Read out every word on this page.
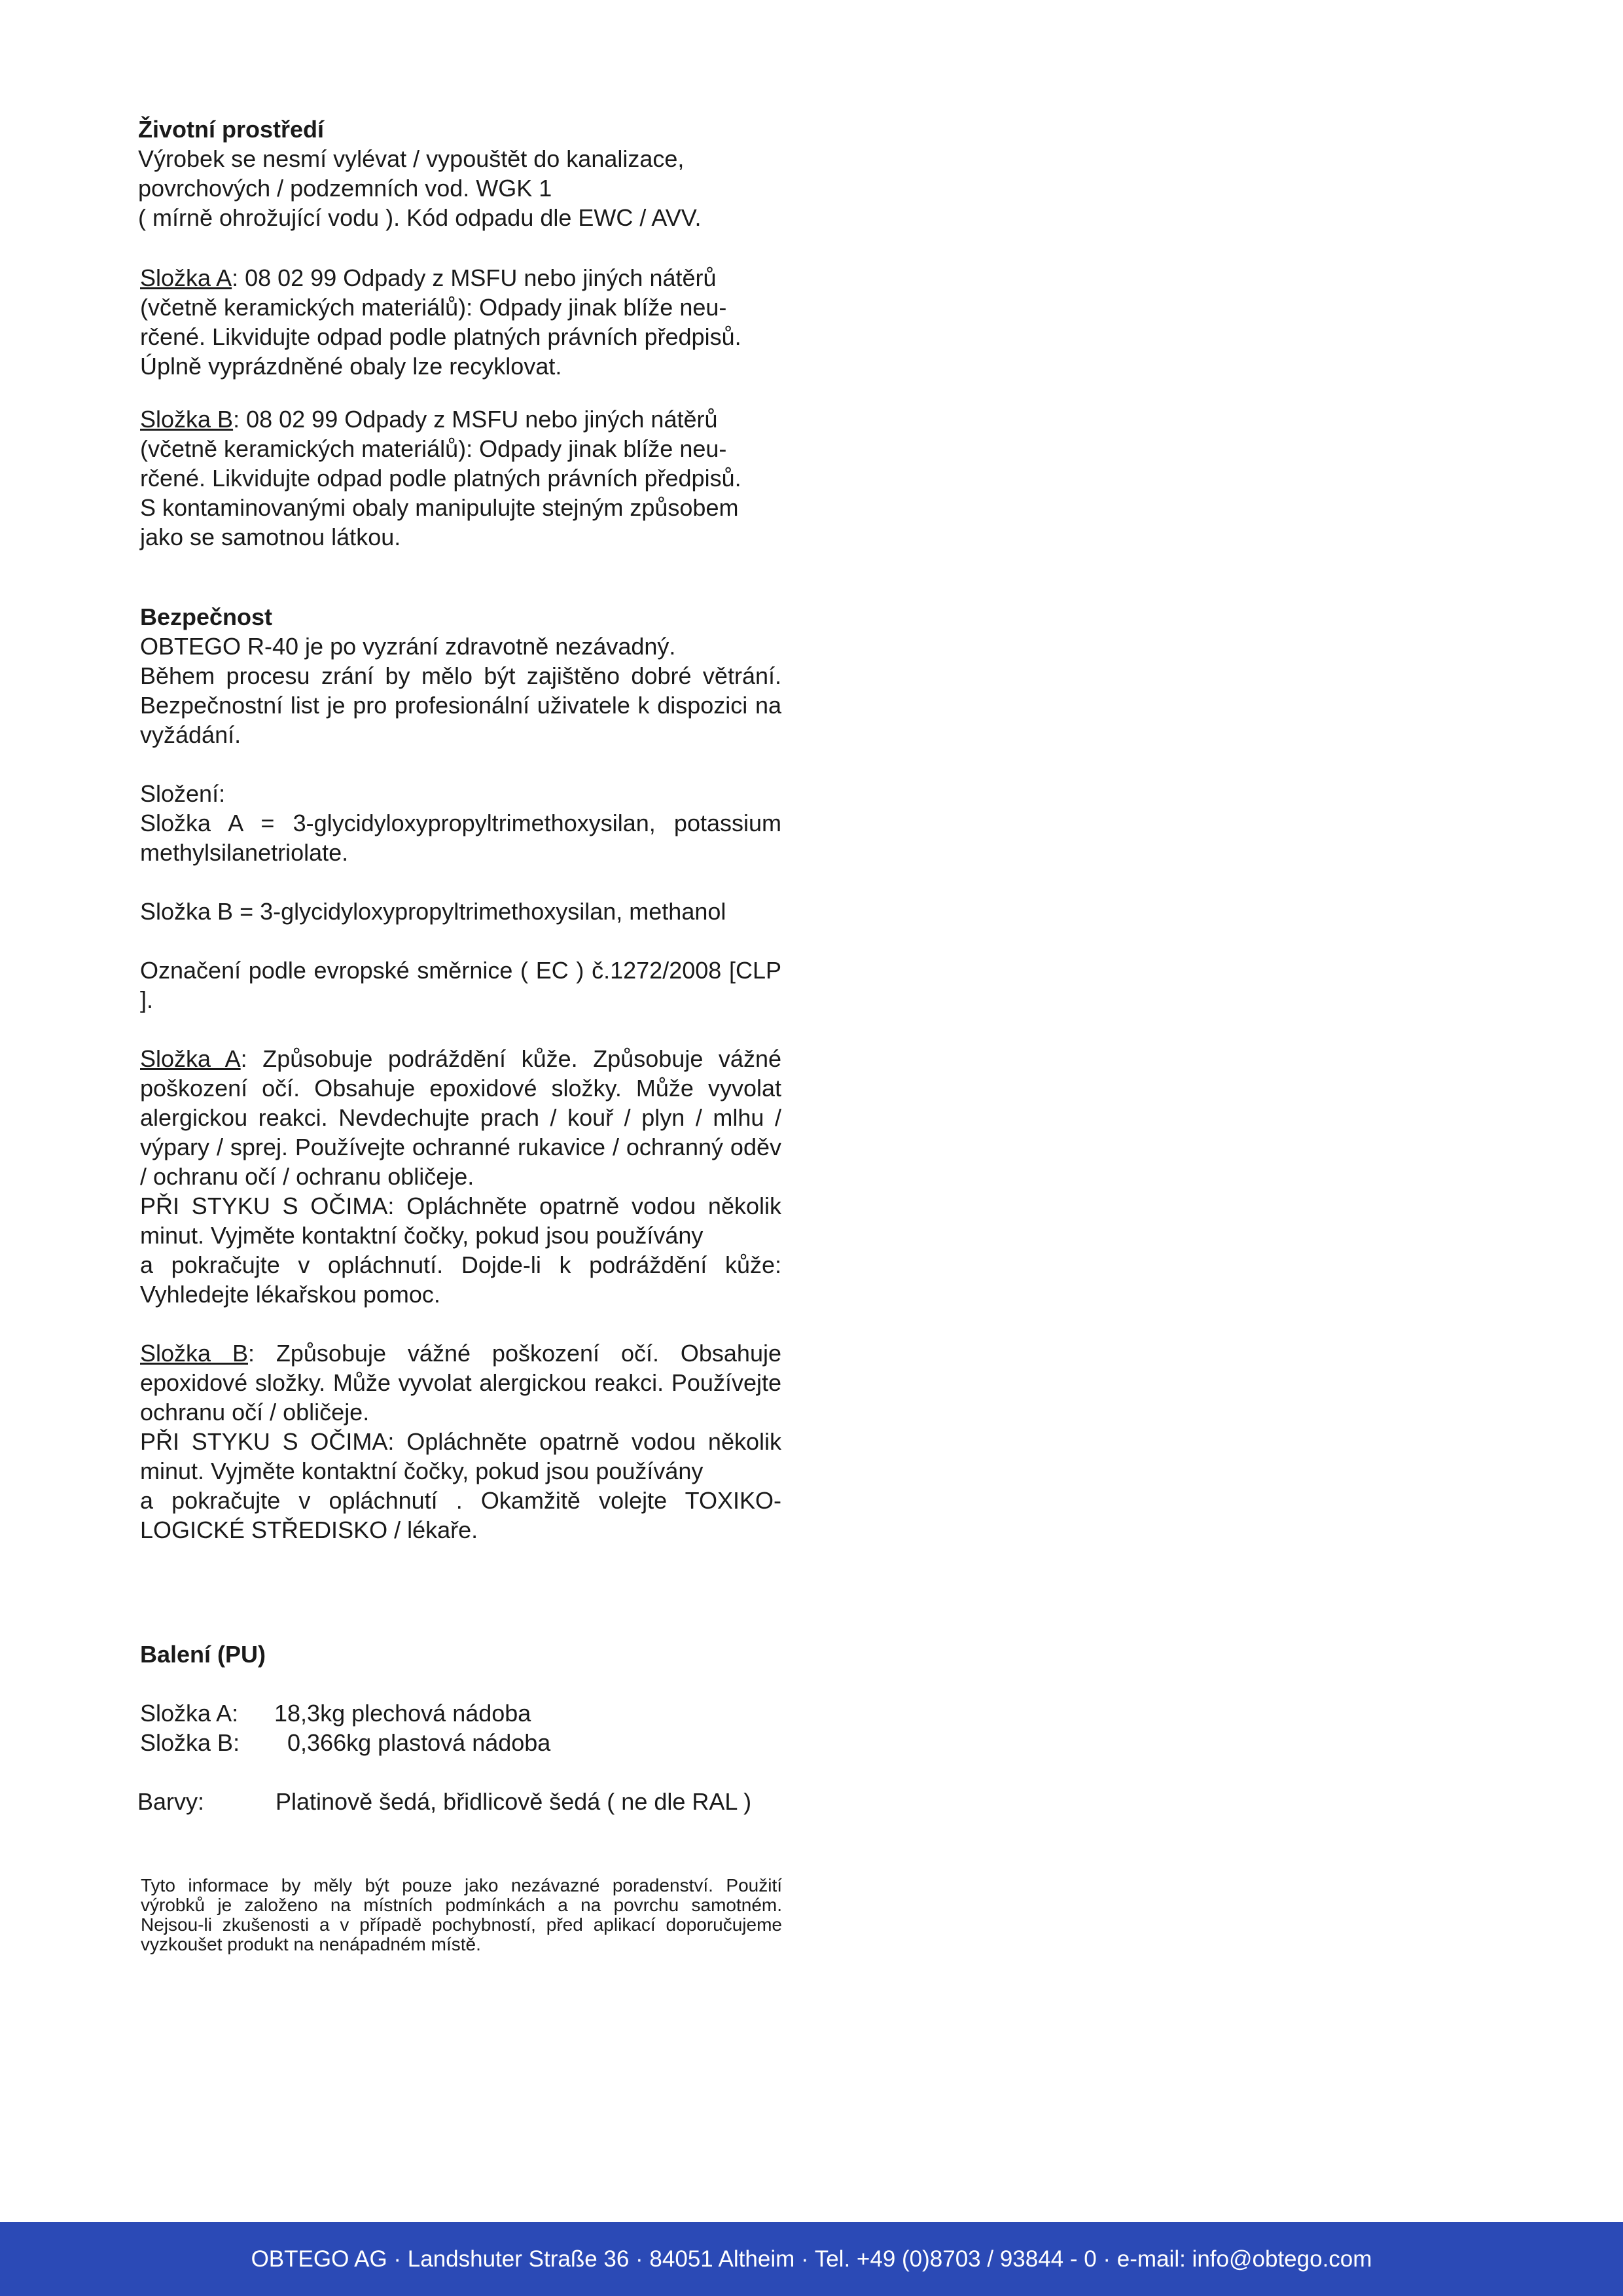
Životní prostředí

Výrobek se nesmí vylévat / vypouštět do kanalizace,

povrchových / podzemních vod. WGK 1

( mírně ohrožující vodu ). Kód odpadu dle EWC / AVV.

Složka A: 08 02 99 Odpady z MSFU nebo jiných nátěrů

(včetně keramických materiálů): Odpady jinak blíže neu-

rčené. Likvidujte odpad podle platných právních předpisů.

Úplně vyprázdněné obaly lze recyklovat.

Složka B: 08 02 99 Odpady z MSFU nebo jiných nátěrů

(včetně keramických materiálů): Odpady jinak blíže neu-

rčené. Likvidujte odpad podle platných právních předpisů.

S kontaminovanými obaly manipulujte stejným způsobem

jako se samotnou látkou.

Bezpečnost

OBTEGO R-40 je po vyzrání zdravotně nezávadný.

Během procesu zrání by mělo být zajištěno dobré větrání. Bezpečnostní list je pro profesionální uživatele k dispozici na vyžádání.

Složení:

Složka A = 3-glycidyloxypropyltrimethoxysilan, potassium methylsilanetriolate.

Složka B = 3-glycidyloxypropyltrimethoxysilan, methanol

Označení podle evropské směrnice ( EC ) č.1272/2008 [CLP ].

Složka A: Způsobuje podráždění kůže. Způsobuje vážné poškození očí. Obsahuje epoxidové složky. Může vyvolat alergickou reakci. Nevdechujte prach / kouř / plyn / mlhu / výpary / sprej. Používejte ochranné rukavice / ochranný oděv / ochranu očí / ochranu obličeje.

PŘI STYKU S OČIMA: Opláchněte opatrně vodou několik minut. Vyjměte kontaktní čočky, pokud jsou používány

a pokračujte v opláchnutí. Dojde-li k podráždění kůže: Vyhledejte lékařskou pomoc.

Složka B: Způsobuje vážné poškození očí. Obsahuje epoxidové složky. Může vyvolat alergickou reakci. Používejte ochranu očí / obličeje.

PŘI STYKU S OČIMA: Opláchněte opatrně vodou několik minut. Vyjměte kontaktní čočky, pokud jsou používány

a pokračujte v opláchnutí . Okamžitě volejte TOXIKO-LOGICKÉ STŘEDISKO / lékaře.

Balení (PU)

Složka A:	18,3kg plechová nádoba
Složka B:	0,366kg plastová nádoba
Barvy:	Platinově šedá, břidlicově šedá ( ne dle RAL )

Tyto informace by měly být pouze jako nezávazné poradenství. Použití výrobků je založeno na místních podmínkách a na povrchu samotném. Nejsou-li zkušenosti a v případě pochybností, před aplikací doporučujeme vyzkoušet produkt na nenápadném místě.

OBTEGO AG · Landshuter Straße 36 · 84051 Altheim · Tel. +49 (0)8703 / 93844 - 0 · e-mail: info@obtego.com
